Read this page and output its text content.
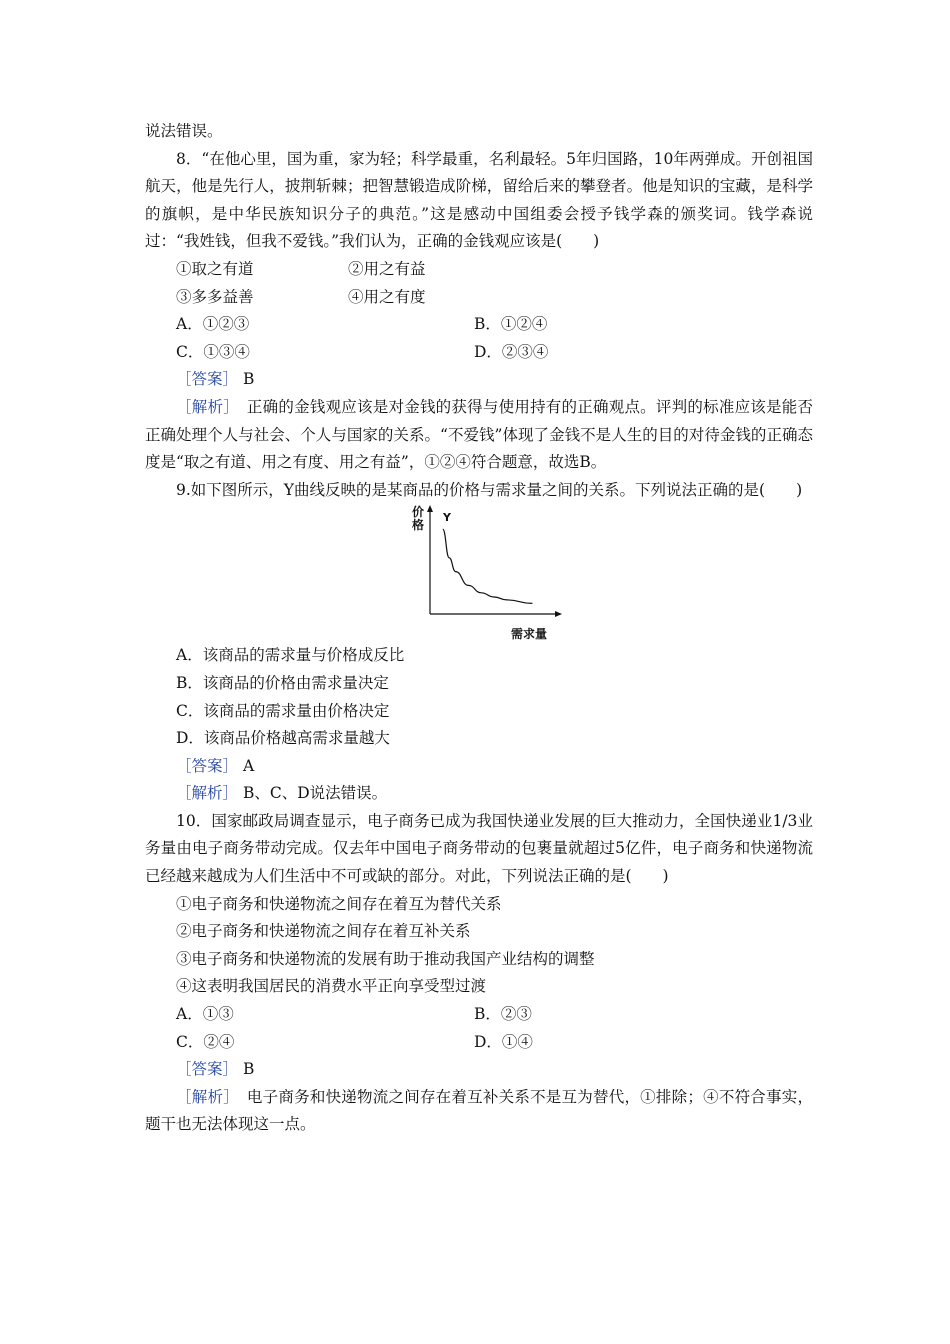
说法错误。
8．“在他心里，国为重，家为轻；科学最重，名利最轻。5年归国路，10年两弹成。开创祖国航天，他是先行人，披荆斩棘；把智慧锻造成阶梯，留给后来的攀登者。他是知识的宝藏，是科学的旗帜，是中华民族知识分子的典范。”这是感动中国组委会授予钱学森的颁奖词。钱学森说过：“我姓钱，但我不爱钱。”我们认为，正确的金钱观应该是(　　)
①取之有道	②用之有益
③多多益善	④用之有度
A．①②③	B．①②④
C．①③④	D．②③④
［答案］ B
［解析］　正确的金钱观应该是对金钱的获得与使用持有的正确观点。评判的标准应该是能否正确处理个人与社会、个人与国家的关系。“不爱钱”体现了金钱不是人生的目的对待金钱的正确态度是“取之有道、用之有度、用之有益”，①②④符合题意，故选B。
9.如下图所示，Y曲线反映的是某商品的价格与需求量之间的关系。下列说法正确的是(　　)
价格
Y
需求量
A．该商品的需求量与价格成反比
B．该商品的价格由需求量决定
C．该商品的需求量由价格决定
D．该商品价格越高需求量越大
［答案］ A
［解析］ B、C、D说法错误。
10．国家邮政局调查显示，电子商务已成为我国快递业发展的巨大推动力，全国快递业1/3业务量由电子商务带动完成。仅去年中国电子商务带动的包裹量就超过5亿件，电子商务和快递物流已经越来越成为人们生活中不可或缺的部分。对此，下列说法正确的是(　　)
①电子商务和快递物流之间存在着互为替代关系
②电子商务和快递物流之间存在着互补关系
③电子商务和快递物流的发展有助于推动我国产业结构的调整
④这表明我国居民的消费水平正向享受型过渡
A．①③	B．②③
C．②④	D．①④
［答案］ B
［解析］　电子商务和快递物流之间存在着互补关系不是互为替代，①排除；④不符合事实，题干也无法体现这一点。
